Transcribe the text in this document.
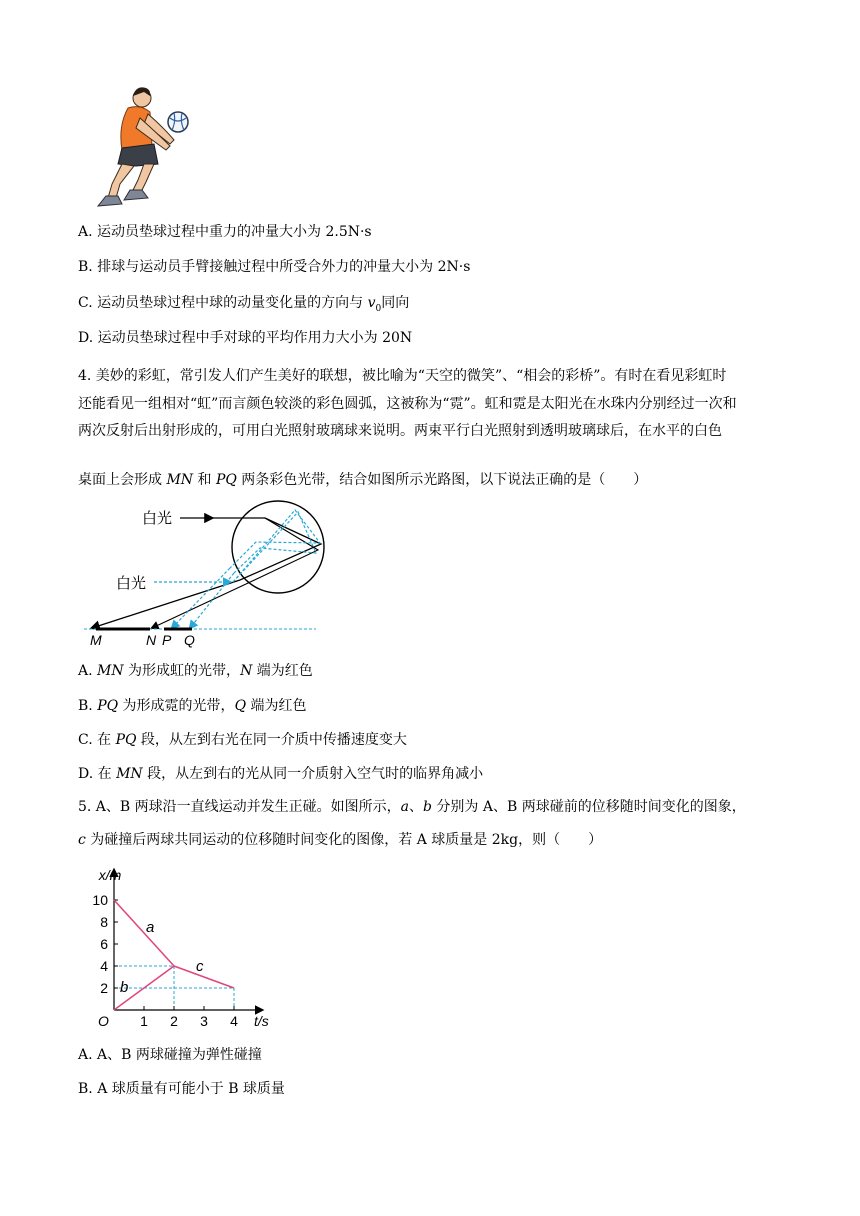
A. 运动员垫球过程中重力的冲量大小为 2.5N·s
B. 排球与运动员手臂接触过程中所受合外力的冲量大小为 2N·s
C. 运动员垫球过程中球的动量变化量的方向与 $v_0$同向
D. 运动员垫球过程中手对球的平均作用力大小为 20N
4. 美妙的彩虹，常引发人们产生美好的联想，被比喻为“天空的微笑”、“相会的彩桥”。有时在看见彩虹时
还能看见一组相对“虹”而言颜色较淡的彩色圆弧，这被称为“霓”。虹和霓是太阳光在水珠内分别经过一次和
两次反射后出射形成的，可用白光照射玻璃球来说明。两束平行白光照射到透明玻璃球后，在水平的白色
桌面上会形成 MN 和 PQ 两条彩色光带，结合如图所示光路图，以下说法正确的是（　　）
白光
白光
M	N P Q
A. MN 为形成虹的光带，N 端为红色
B. PQ 为形成霓的光带，Q 端为红色
C. 在 PQ 段，从左到右光在同一介质中传播速度变大
D. 在 MN 段，从左到右的光从同一介质射入空气时的临界角减小
5. A、B 两球沿一直线运动并发生正碰。如图所示，a、b 分别为 A、B 两球碰前的位移随时间变化的图象，
c 为碰撞后两球共同运动的位移随时间变化的图像，若 A 球质量是 2kg，则（　　）
2
4
6
8
10
1 2 3 4
O	t/s
x/m
a
b
c
A. A、B 两球碰撞为弹性碰撞
B. A 球质量有可能小于 B 球质量
